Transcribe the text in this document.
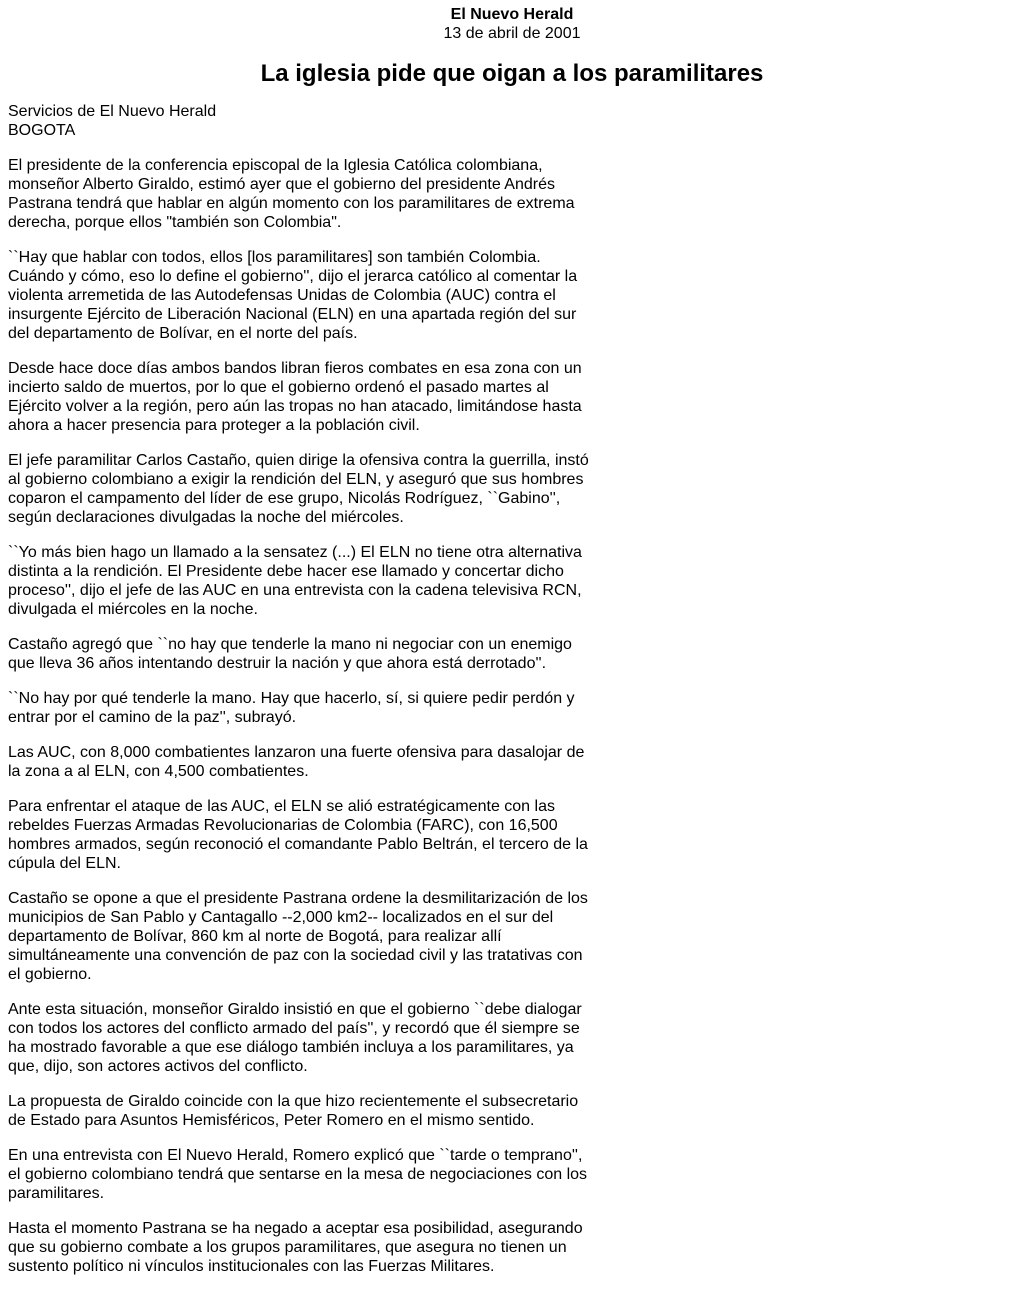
El Nuevo Herald
13 de abril de 2001
La iglesia pide que oigan a los paramilitares
Servicios de El Nuevo Herald
BOGOTA

El presidente de la conferencia episcopal de la Iglesia Católica colombiana, monseñor Alberto Giraldo, estimó ayer que el gobierno del presidente Andrés Pastrana tendrá que hablar en algún momento con los paramilitares de extrema derecha, porque ellos "también son Colombia".

``Hay que hablar con todos, ellos [los paramilitares] son también Colombia. Cuándo y cómo, eso lo define el gobierno'', dijo el jerarca católico al comentar la violenta arremetida de las Autodefensas Unidas de Colombia (AUC) contra el insurgente Ejército de Liberación Nacional (ELN) en una apartada región del sur del departamento de Bolívar, en el norte del país.

Desde hace doce días ambos bandos libran fieros combates en esa zona con un incierto saldo de muertos, por lo que el gobierno ordenó el pasado martes al Ejército volver a la región, pero aún las tropas no han atacado, limitándose hasta ahora a hacer presencia para proteger a la población civil.

El jefe paramilitar Carlos Castaño, quien dirige la ofensiva contra la guerrilla, instó al gobierno colombiano a exigir la rendición del ELN, y aseguró que sus hombres coparon el campamento del líder de ese grupo, Nicolás Rodríguez, ``Gabino'', según declaraciones divulgadas la noche del miércoles.

``Yo más bien hago un llamado a la sensatez (...) El ELN no tiene otra alternativa distinta a la rendición. El Presidente debe hacer ese llamado y concertar dicho proceso'', dijo el jefe de las AUC en una entrevista con la cadena televisiva RCN, divulgada el miércoles en la noche.

Castaño agregó que ``no hay que tenderle la mano ni negociar con un enemigo que lleva 36 años intentando destruir la nación y que ahora está derrotado''.

``No hay por qué tenderle la mano. Hay que hacerlo, sí, si quiere pedir perdón y entrar por el camino de la paz'', subrayó.

Las AUC, con 8,000 combatientes lanzaron una fuerte ofensiva para dasalojar de la zona a al ELN, con 4,500 combatientes.

Para enfrentar el ataque de las AUC, el ELN se alió estratégicamente con las rebeldes Fuerzas Armadas Revolucionarias de Colombia (FARC), con 16,500 hombres armados, según reconoció el comandante Pablo Beltrán, el tercero de la cúpula del ELN.

Castaño se opone a que el presidente Pastrana ordene la desmilitarización de los municipios de San Pablo y Cantagallo --2,000 km2-- localizados en el sur del departamento de Bolívar, 860 km al norte de Bogotá, para realizar allí simultáneamente una convención de paz con la sociedad civil y las tratativas con el gobierno.

Ante esta situación, monseñor Giraldo insistió en que el gobierno ``debe dialogar con todos los actores del conflicto armado del país'', y recordó que él siempre se ha mostrado favorable a que ese diálogo también incluya a los paramilitares, ya que, dijo, son actores activos del conflicto.

La propuesta de Giraldo coincide con la que hizo recientemente el subsecretario de Estado para Asuntos Hemisféricos, Peter Romero en el mismo sentido.

En una entrevista con El Nuevo Herald, Romero explicó que ``tarde o temprano'', el gobierno colombiano tendrá que sentarse en la mesa de negociaciones con los paramilitares.

Hasta el momento Pastrana se ha negado a aceptar esa posibilidad, asegurando que su gobierno combate a los grupos paramilitares, que asegura no tienen un sustento político ni vínculos institucionales con las Fuerzas Militares.
